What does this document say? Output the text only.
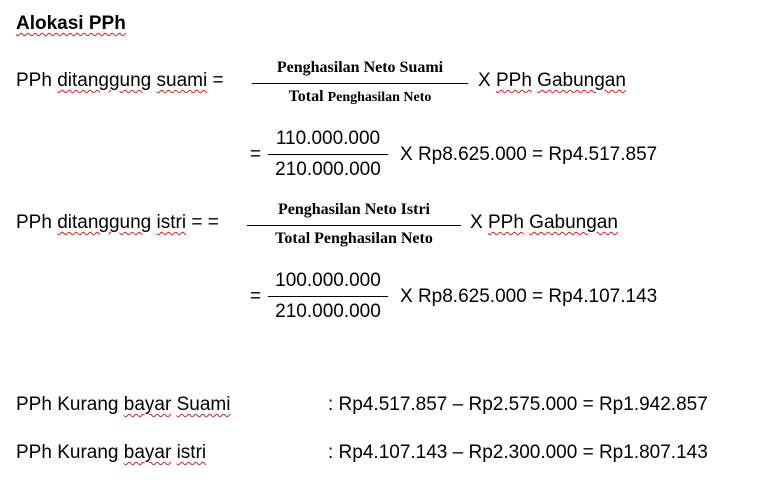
Alokasi PPh
PPh ditanggung suami =
Penghasilan Neto Suami
Total Penghasilan Neto
X PPh Gabungan
=
110.000.000
210.000.000
X Rp8.625.000 = Rp4.517.857
PPh ditanggung istri = =
Penghasilan Neto Istri
Total Penghasilan Neto
X PPh Gabungan
=
100.000.000
210.000.000
X Rp8.625.000 = Rp4.107.143
PPh Kurang bayar Suami	: Rp4.517.857 – Rp2.575.000 = Rp1.942.857
PPh Kurang bayar istri	: Rp4.107.143 – Rp2.300.000 = Rp1.807.143
